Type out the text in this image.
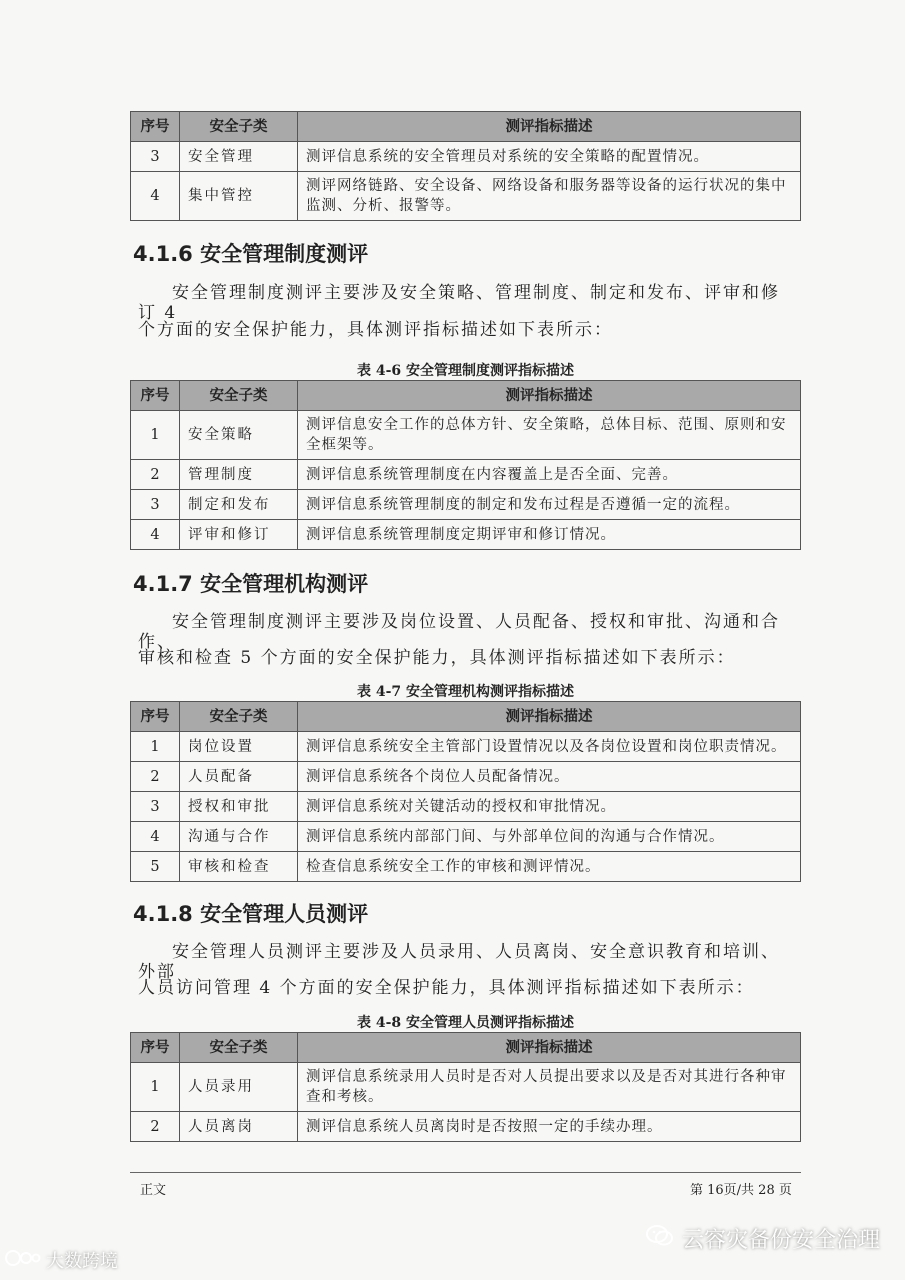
序号	安全子类	测评指标描述
3	安全管理	测评信息系统的安全管理员对系统的安全策略的配置情况。
4	集中管控	测评网络链路、安全设备、网络设备和服务器等设备的运行状况的集中监测、分析、报警等。
4.1.6 安全管理制度测评

安全管理制度测评主要涉及安全策略、管理制度、制定和发布、评审和修订 4

个方面的安全保护能力，具体测评指标描述如下表所示：

表 4-6 安全管理制度测评指标描述

序号	安全子类	测评指标描述
1	安全策略	测评信息安全工作的总体方针、安全策略，总体目标、范围、原则和安全框架等。
2	管理制度	测评信息系统管理制度在内容覆盖上是否全面、完善。
3	制定和发布	测评信息系统管理制度的制定和发布过程是否遵循一定的流程。
4	评审和修订	测评信息系统管理制度定期评审和修订情况。
4.1.7 安全管理机构测评

安全管理制度测评主要涉及岗位设置、人员配备、授权和审批、沟通和合作、

审核和检查 5 个方面的安全保护能力，具体测评指标描述如下表所示：

表 4-7 安全管理机构测评指标描述

序号	安全子类	测评指标描述
1	岗位设置	测评信息系统安全主管部门设置情况以及各岗位设置和岗位职责情况。
2	人员配备	测评信息系统各个岗位人员配备情况。
3	授权和审批	测评信息系统对关键活动的授权和审批情况。
4	沟通与合作	测评信息系统内部部门间、与外部单位间的沟通与合作情况。
5	审核和检查	检查信息系统安全工作的审核和测评情况。
4.1.8 安全管理人员测评

安全管理人员测评主要涉及人员录用、人员离岗、安全意识教育和培训、外部

人员访问管理 4 个方面的安全保护能力，具体测评指标描述如下表所示：

表 4-8 安全管理人员测评指标描述

序号	安全子类	测评指标描述
1	人员录用	测评信息系统录用人员时是否对人员提出要求以及是否对其进行各种审查和考核。
2	人员离岗	测评信息系统人员离岗时是否按照一定的手续办理。
正文	第 16页/共 28 页
云容灾备份安全治理
大数跨境
